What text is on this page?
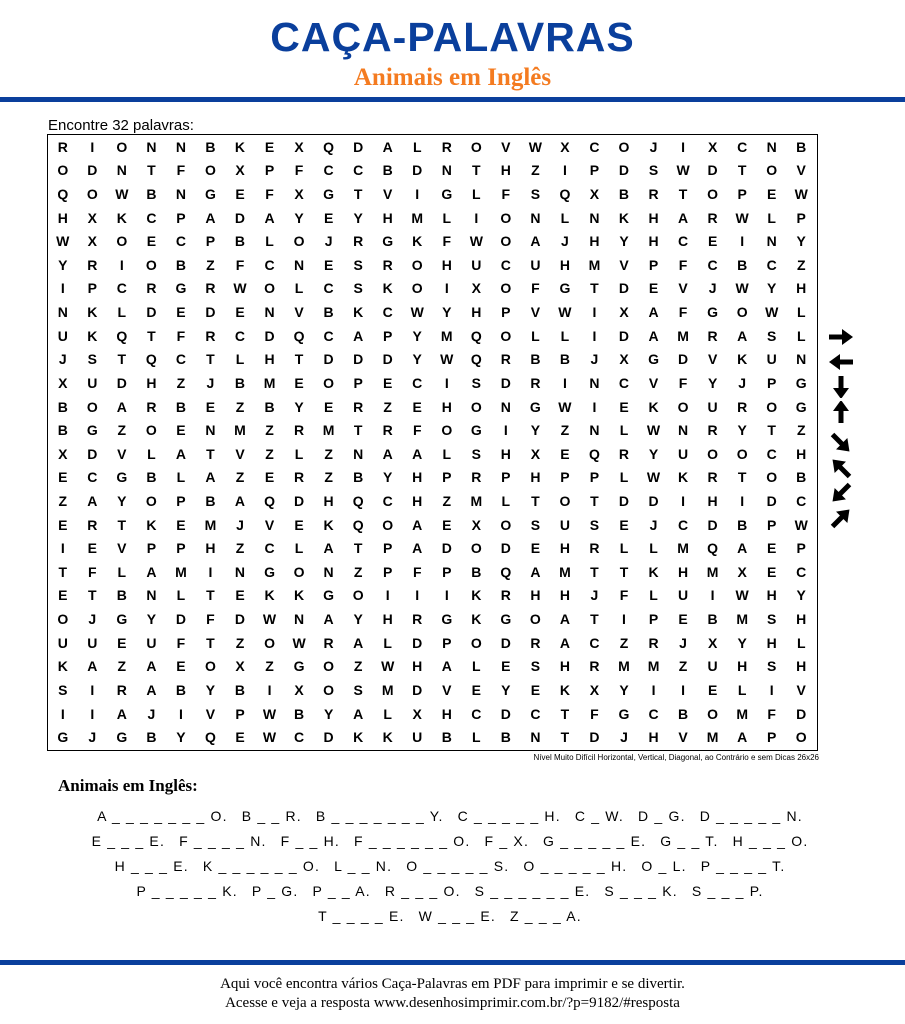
CAÇA-PALAVRAS
Animais em Inglês
Encontre 32 palavras:
R	I	O	N	N	B	K	E	X	Q	D	A	L	R	O	V	W	X	C	O	J	I	X	C	N	B
O	D	N	T	F	O	X	P	F	C	C	B	D	N	T	H	Z	I	P	D	S	W	D	T	O	V
Q	O	W	B	N	G	E	F	X	G	T	V	I	G	L	F	S	Q	X	B	R	T	O	P	E	W
H	X	K	C	P	A	D	A	Y	E	Y	H	M	L	I	O	N	L	N	K	H	A	R	W	L	P
W	X	O	E	C	P	B	L	O	J	R	G	K	F	W	O	A	J	H	Y	H	C	E	I	N	Y
Y	R	I	O	B	Z	F	C	N	E	S	R	O	H	U	C	U	H	M	V	P	F	C	B	C	Z
I	P	C	R	G	R	W	O	L	C	S	K	O	I	X	O	F	G	T	D	E	V	J	W	Y	H
N	K	L	D	E	D	E	N	V	B	K	C	W	Y	H	P	V	W	I	X	A	F	G	O	W	L
U	K	Q	T	F	R	C	D	Q	C	A	P	Y	M	Q	O	L	L	I	D	A	M	R	A	S	L
J	S	T	Q	C	T	L	H	T	D	D	D	Y	W	Q	R	B	B	J	X	G	D	V	K	U	N
X	U	D	H	Z	J	B	M	E	O	P	E	C	I	S	D	R	I	N	C	V	F	Y	J	P	G
B	O	A	R	B	E	Z	B	Y	E	R	Z	E	H	O	N	G	W	I	E	K	O	U	R	O	G
B	G	Z	O	E	N	M	Z	R	M	T	R	F	O	G	I	Y	Z	N	L	W	N	R	Y	T	Z
X	D	V	L	A	T	V	Z	L	Z	N	A	A	L	S	H	X	E	Q	R	Y	U	O	O	C	H
E	C	G	B	L	A	Z	E	R	Z	B	Y	H	P	R	P	H	P	P	L	W	K	R	T	O	B
Z	A	Y	O	P	B	A	Q	D	H	Q	C	H	Z	M	L	T	O	T	D	D	I	H	I	D	C
E	R	T	K	E	M	J	V	E	K	Q	O	A	E	X	O	S	U	S	E	J	C	D	B	P	W
I	E	V	P	P	H	Z	C	L	A	T	P	A	D	O	D	E	H	R	L	L	M	Q	A	E	P
T	F	L	A	M	I	N	G	O	N	Z	P	F	P	B	Q	A	M	T	T	K	H	M	X	E	C
E	T	B	N	L	T	E	K	K	G	O	I	I	I	K	R	H	H	J	F	L	U	I	W	H	Y
O	J	G	Y	D	F	D	W	N	A	Y	H	R	G	K	G	O	A	T	I	P	E	B	M	S	H
U	U	E	U	F	T	Z	O	W	R	A	L	D	P	O	D	R	A	C	Z	R	J	X	Y	H	L
K	A	Z	A	E	O	X	Z	G	O	Z	W	H	A	L	E	S	H	R	M	M	Z	U	H	S	H
S	I	R	A	B	Y	B	I	X	O	S	M	D	V	E	Y	E	K	X	Y	I	I	E	L	I	V
I	I	A	J	I	V	P	W	B	Y	A	L	X	H	C	D	C	T	F	G	C	B	O	M	F	D
G	J	G	B	Y	Q	E	W	C	D	K	K	U	B	L	B	N	T	D	J	H	V	M	A	P	O
Nível Muito Difícil Horizontal, Vertical, Diagonal, ao Contrário e sem Dicas 26x26
Animais em Inglês:
A _ _ _ _ _ _ _ O. B _ _ R. B _ _ _ _ _ _ _ Y. C _ _ _ _ _ H. C _ W. D _ G. D _ _ _ _ _ N.
E _ _ _ E. F _ _ _ _ N. F _ _ H. F _ _ _ _ _ _ O. F _ X. G _ _ _ _ _ E. G _ _ T. H _ _ _ O.
H _ _ _ E. K _ _ _ _ _ _ O. L _ _ N. O _ _ _ _ _ S. O _ _ _ _ _ H. O _ L. P _ _ _ _ T.
P _ _ _ _ _ K. P _ G. P _ _ A. R _ _ _ O. S _ _ _ _ _ _ E. S _ _ _ K. S _ _ _ P.
T _ _ _ _ E. W _ _ _ E. Z _ _ _ A.
Aqui você encontra vários Caça-Palavras em PDF para imprimir e se divertir.
Acesse e veja a resposta www.desenhosimprimir.com.br/?p=9182/#resposta
